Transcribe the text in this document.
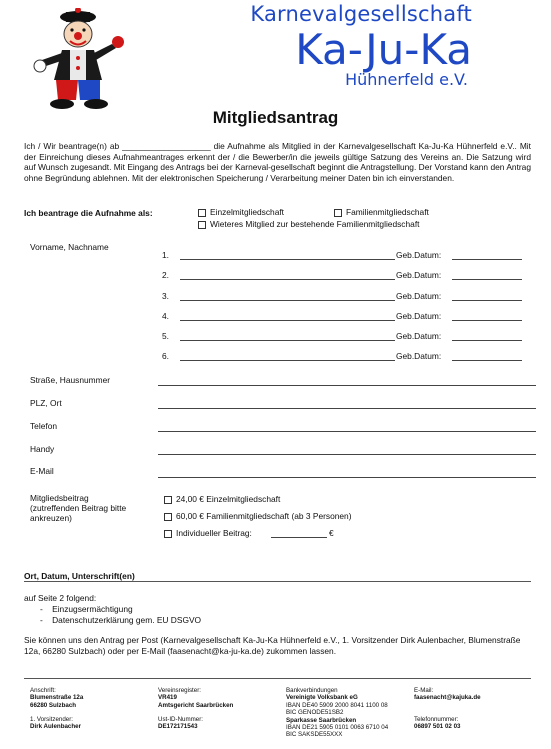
Karnevalgesellschaft
Ka-Ju-Ka
Hühnerfeld e.V.
Mitgliedsantrag
Ich / Wir beantrage(n) ab ___________________ die Aufnahme als Mitglied in der Karnevalgesellschaft Ka-Ju-Ka Hühnerfeld e.V.. Mit der Einreichung dieses Aufnahmeantrages erkennt der / die Bewerber/in die jeweils gültige Satzung des Vereins an. Die Satzung wird auf Wunsch zugesandt. Mit Eingang des Antrags bei der Karneval-gesellschaft beginnt die Antragstellung. Der Vorstand kann den Antrag ohne Begründung ablehnen. Mit der elektronischen Speicherung / Verarbeitung meiner Daten bin ich einverstanden.
Ich beantrage die Aufnahme als:	Einzelmitgliedschaft	Familienmitgliedschaft
Wieteres Mitglied zur bestehende Familienmitgliedschaft
Vorname, Nachname
1.	Geb.Datum:
2.	Geb.Datum:
3.	Geb.Datum:
4.	Geb.Datum:
5.	Geb.Datum:
6.	Geb.Datum:
Straße, Hausnummer
PLZ, Ort
Telefon
Handy
E-Mail
Mitgliedsbeitrag
(zutreffenden Beitrag bitte
ankreuzen)
24,00 € Einzelmitgliedschaft
60,00 € Familienmitgliedschaft (ab 3 Personen)
Individueller Beitrag:	€
Ort, Datum, Unterschrift(en)
auf Seite 2 folgend:
-    Einzugsermächtigung
-    Datenschutzerklärung gem. EU DSGVO
Sie können uns den Antrag per Post (Karnevalgesellschaft Ka-Ju-Ka Hühnerfeld e.V., 1. Vorsitzender Dirk Aulenbacher, Blumenstraße 12a, 66280 Sulzbach) oder per E-Mail (faasenacht@ka-ju-ka.de) zukommen lassen.
Anschrift:
Blumenstraße 12a
66280 Sulzbach
1. Vorsitzender:
Dirk Aulenbacher
Vereinsregister:
VR419
Amtsgericht Saarbrücken
Ust-ID-Nummer:
DE172171543
Bankverbindungen
Vereinigte Volksbank eG
IBAN DE40 5909 2000 8041 1100 08
BIC GENODE51SB2
Sparkasse Saarbrücken
IBAN DE21 5905 0101 0063 6710 04
BIC SAKSDE55XXX
E-Mail:
faasenacht@kajuka.de
Telefonnummer:
06897 501 02 03
